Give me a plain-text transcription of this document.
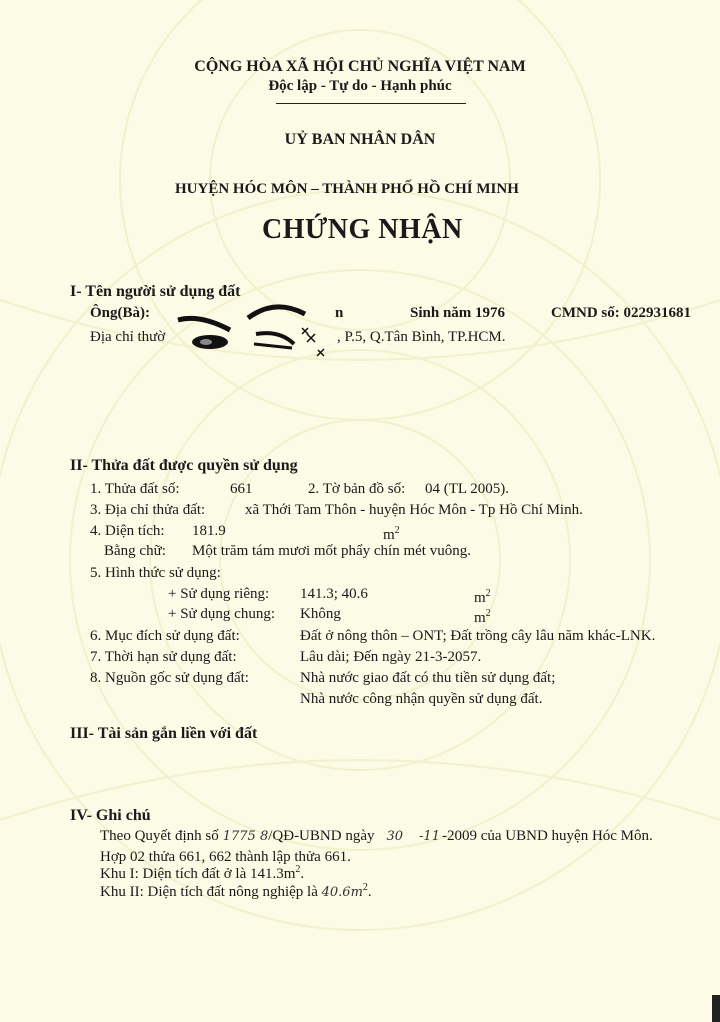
CỘNG HÒA XÃ HỘI CHỦ NGHĨA VIỆT NAM
Độc lập - Tự do - Hạnh phúc
UỶ BAN NHÂN DÂN
HUYỆN HÓC MÔN – THÀNH PHỐ HỒ CHÍ MINH
CHỨNG NHẬN
I- Tên người sử dụng đất
Ông(Bà):	n	Sinh năm 1976	CMND số: 022931681
Địa chỉ thườ	, P.5, Q.Tân Bình, TP.HCM.
II- Thửa đất được quyền sử dụng
1. Thửa đất số:	661	2. Tờ bản đồ số: 04 (TL 2005).
3. Địa chỉ thửa đất:	xã Thới Tam Thôn - huyện Hóc Môn - Tp Hồ Chí Minh.
4. Diện tích: 181.9	$m^2$
Bằng chữ: Một trăm tám mươi mốt phẩy chín mét vuông.
5. Hình thức sử dụng:
+ Sử dụng riêng: 141.3; 40.6	$m^2$
+ Sử dụng chung: Không	$m^2$
6. Mục đích sử dụng đất:	Đất ở nông thôn – ONT; Đất trồng cây lâu năm khác-LNK.
7. Thời hạn sử dụng đất:	Lâu dài; Đến ngày 21-3-2057.
8. Nguồn gốc sử dụng đất:	Nhà nước giao đất có thu tiền sử dụng đất;
Nhà nước công nhận quyền sử dụng đất.
III- Tài sản gắn liền với đất
IV- Ghi chú
Theo Quyết định số 1775 8/QĐ-UBND ngày 30 -11 -2009 của UBND huyện Hóc Môn.
Hợp 02 thửa 661, 662 thành lập thửa 661.
Khu I: Diện tích đất ở là $141.3m^2$.
Khu II: Diện tích đất nông nghiệp là $40.6m^2$.
